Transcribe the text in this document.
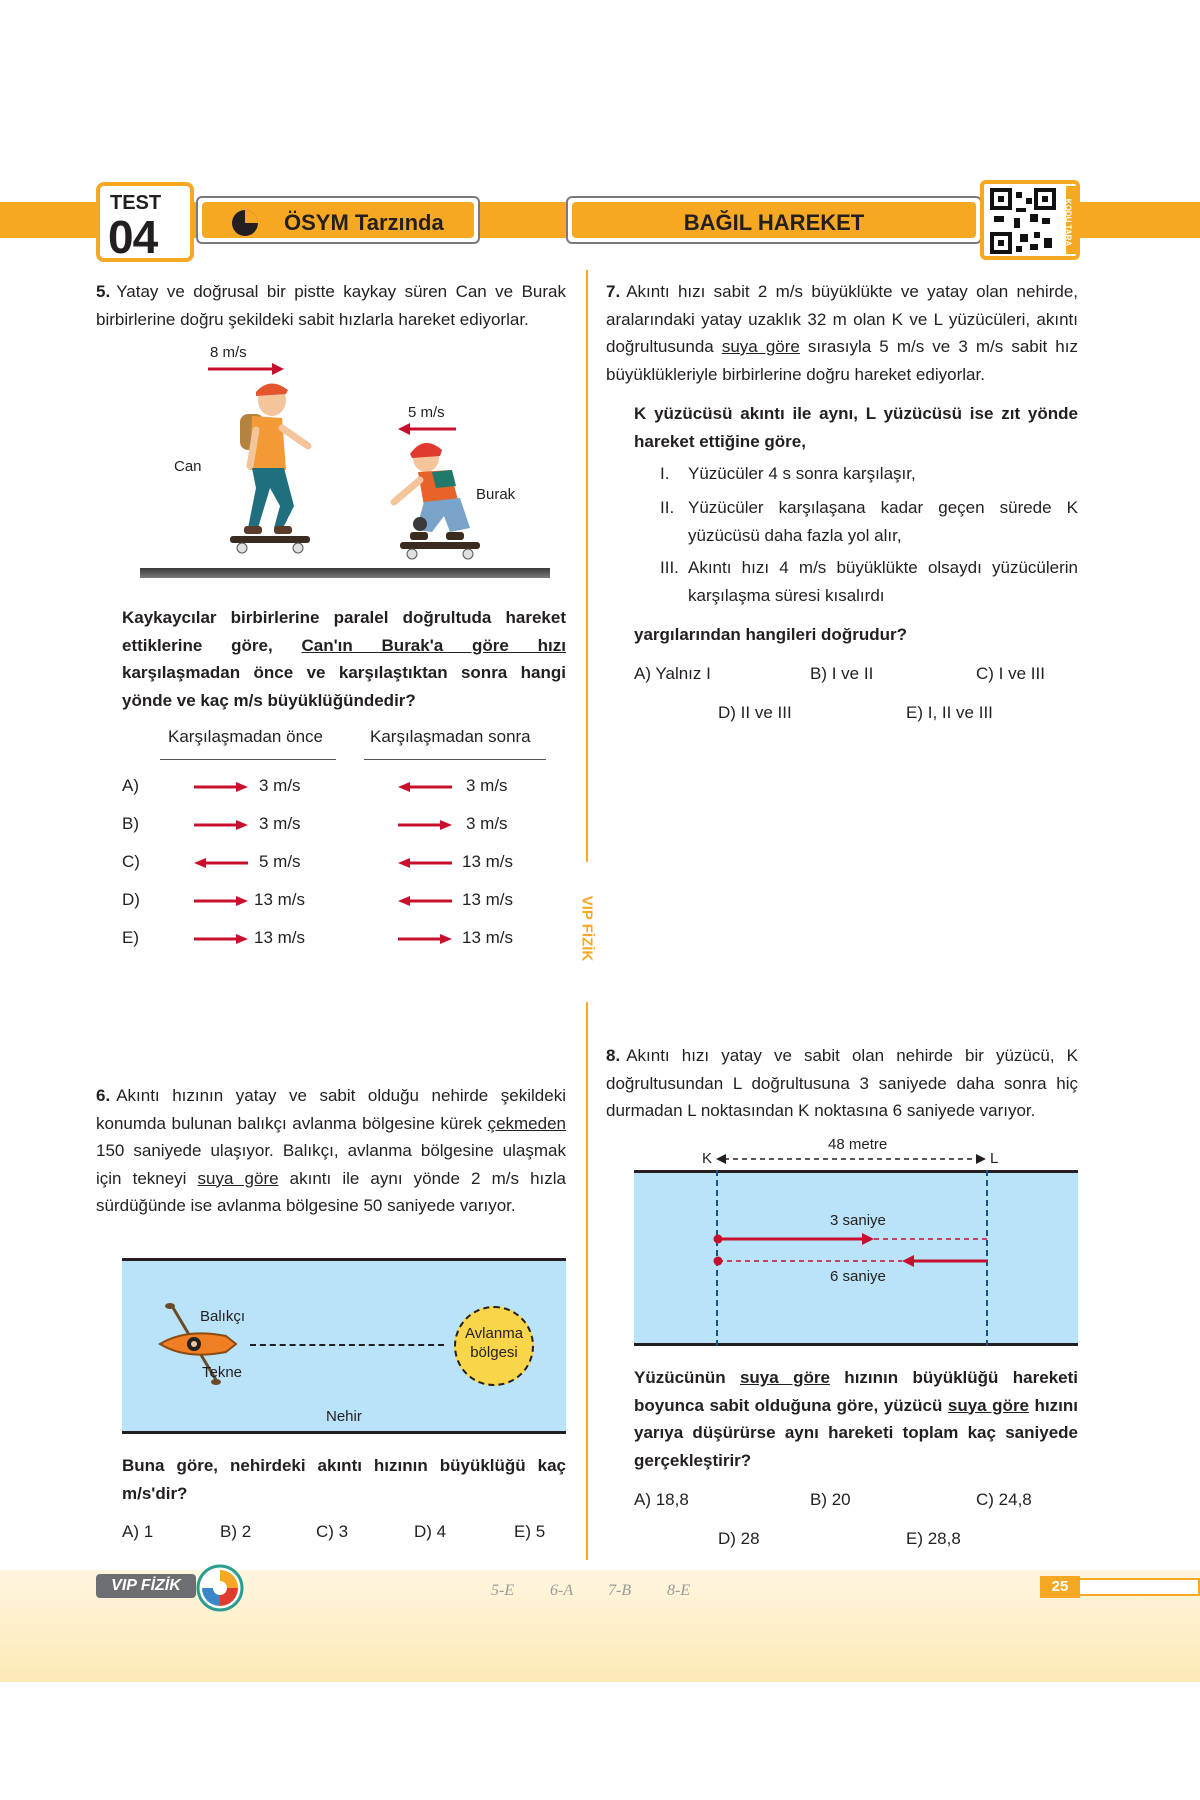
TEST
04	ÖSYM Tarzında	BAĞIL HAREKET	KODU TARA
VIP FİZİK
5. Yatay ve doğrusal bir pistte kaykay süren Can ve Burak birbirlerine doğru şekildeki sabit hızlarla hareket ediyorlar.
8 m/s
5 m/s
Can
Burak
Kaykaycılar birbirlerine paralel doğrultuda hareket ettiklerine göre, Can'ın Burak'a göre hızı karşılaşmadan önce ve karşılaştıktan sonra hangi yönde ve kaç m/s büyüklüğündedir?
Karşılaşmadan önce	Karşılaşmadan sonra
A)	3 m/s	3 m/s
B)	3 m/s	3 m/s
C)	5 m/s	13 m/s
D)	13 m/s	13 m/s
E)	13 m/s	13 m/s
6. Akıntı hızının yatay ve sabit olduğu nehirde şekildeki konumda bulunan balıkçı avlanma bölgesine kürek çekmeden 150 saniyede ulaşıyor. Balıkçı, avlanma bölgesine ulaşmak için tekneyi suya göre akıntı ile aynı yönde 2 m/s hızla sürdüğünde ise avlanma bölgesine 50 saniyede varıyor.
Balıkçı
Tekne
Avlanma
bölgesi
Nehir
Buna göre, nehirdeki akıntı hızının büyüklüğü kaç m/s'dir?
A) 1	B) 2	C) 3	D) 4	E) 5
7. Akıntı hızı sabit 2 m/s büyüklükte ve yatay olan nehirde, aralarındaki yatay uzaklık 32 m olan K ve L yüzücüleri, akıntı doğrultusunda suya göre sırasıyla 5 m/s ve 3 m/s sabit hız büyüklükleriyle birbirlerine doğru hareket ediyorlar.
K yüzücüsü akıntı ile aynı, L yüzücüsü ise zıt yönde hareket ettiğine göre,
I. Yüzücüler 4 s sonra karşılaşır,
II. Yüzücüler karşılaşana kadar geçen sürede K yüzücüsü daha fazla yol alır,
III. Akıntı hızı 4 m/s büyüklükte olsaydı yüzücülerin karşılaşma süresi kısalırdı
yargılarından hangileri doğrudur?
A) Yalnız I	B) I ve II	C) I ve III
D) II ve III	E) I, II ve III
8. Akıntı hızı yatay ve sabit olan nehirde bir yüzücü, K doğrultusundan L doğrultusuna 3 saniyede daha sonra hiç durmadan L noktasından K noktasına 6 saniyede varıyor.
48 metre
K	L
3 saniye
6 saniye
Yüzücünün suya göre hızının büyüklüğü hareketi boyunca sabit olduğuna göre, yüzücü suya göre hızını yarıya düşürürse aynı hareketi toplam kaç saniyede gerçekleştirir?
A) 18,8	B) 20	C) 24,8
D) 28	E) 28,8
VIP FİZİK	5-E 6-A 7-B 8-E	25
